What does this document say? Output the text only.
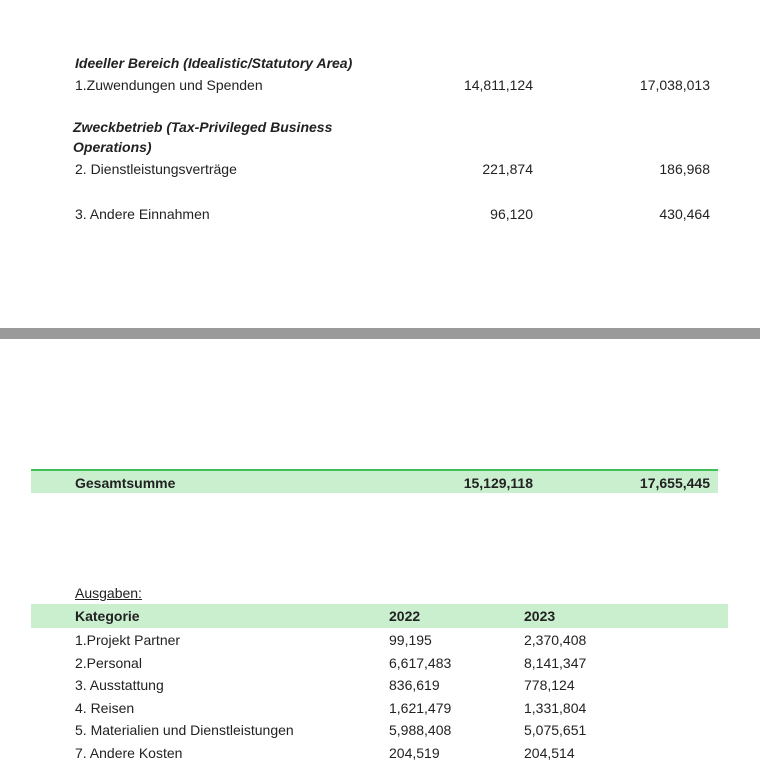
Ideeller Bereich (Idealistic/Statutory Area)
1.Zuwendungen und Spenden	14,811,124	17,038,013
Zweckbetrieb (Tax-Privileged Business
Operations)
2. Dienstleistungsverträge	221,874	186,968
3. Andere Einnahmen	96,120	430,464
Gesamtsumme	15,129,118	17,655,445
Ausgaben:
Kategorie	2022	2023
1.Projekt Partner	99,195	2,370,408
2.Personal	6,617,483	8,141,347
3. Ausstattung	836,619	778,124
4. Reisen	1,621,479	1,331,804
5. Materialien und Dienstleistungen	5,988,408	5,075,651
7. Andere Kosten	204,519	204,514
